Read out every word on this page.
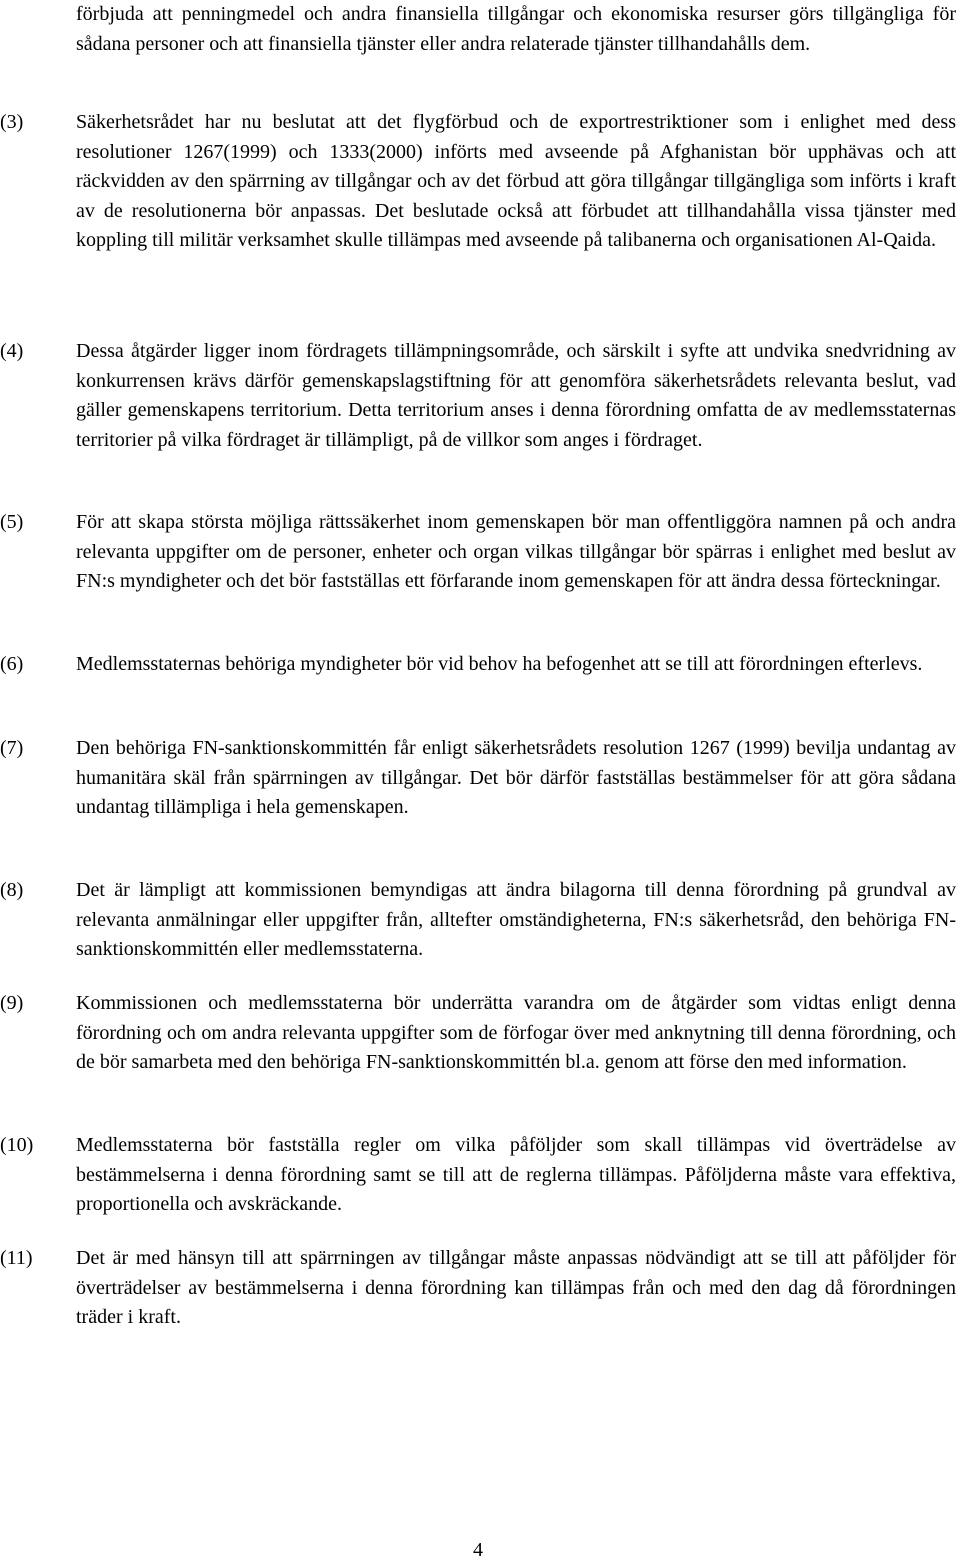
förbjuda att penningmedel och andra finansiella tillgångar och ekonomiska resurser görs tillgängliga för sådana personer och att finansiella tjänster eller andra relaterade tjänster tillhandahålls dem.

(3)	Säkerhetsrådet har nu beslutat att det flygförbud och de exportrestriktioner som i enlighet med dess resolutioner 1267(1999) och 1333(2000) införts med avseende på Afghanistan bör upphävas och att räckvidden av den spärrning av tillgångar och av det förbud att göra tillgångar tillgängliga som införts i kraft av de resolutionerna bör anpassas. Det beslutade också att förbudet att tillhandahålla vissa tjänster med koppling till militär verksamhet skulle tillämpas med avseende på talibanerna och organisationen Al-Qaida.

(4)	Dessa åtgärder ligger inom fördragets tillämpningsområde, och särskilt i syfte att undvika snedvridning av konkurrensen krävs därför gemenskapslagstiftning för att genomföra säkerhetsrådets relevanta beslut, vad gäller gemenskapens territorium. Detta territorium anses i denna förordning omfatta de av medlemsstaternas territorier på vilka fördraget är tillämpligt, på de villkor som anges i fördraget.

(5)	För att skapa största möjliga rättssäkerhet inom gemenskapen bör man offentliggöra namnen på och andra relevanta uppgifter om de personer, enheter och organ vilkas tillgångar bör spärras i enlighet med beslut av FN:s myndigheter och det bör fastställas ett förfarande inom gemenskapen för att ändra dessa förteckningar.

(6)	Medlemsstaternas behöriga myndigheter bör vid behov ha befogenhet att se till att förordningen efterlevs.

(7)	Den behöriga FN-sanktionskommittén får enligt säkerhetsrådets resolution 1267 (1999) bevilja undantag av humanitära skäl från spärrningen av tillgångar. Det bör därför fastställas bestämmelser för att göra sådana undantag tillämpliga i hela gemenskapen.

(8)	Det är lämpligt att kommissionen bemyndigas att ändra bilagorna till denna förordning på grundval av relevanta anmälningar eller uppgifter från, alltefter omständigheterna, FN:s säkerhetsråd, den behöriga FN-sanktionskommittén eller medlemsstaterna.

(9)	Kommissionen och medlemsstaterna bör underrätta varandra om de åtgärder som vidtas enligt denna förordning och om andra relevanta uppgifter som de förfogar över med anknytning till denna förordning, och de bör samarbeta med den behöriga FN-sanktionskommittén bl.a. genom att förse den med information.

(10)	Medlemsstaterna bör fastställa regler om vilka påföljder som skall tillämpas vid överträdelse av bestämmelserna i denna förordning samt se till att de reglerna tillämpas. Påföljderna måste vara effektiva, proportionella och avskräckande.

(11)	Det är med hänsyn till att spärrningen av tillgångar måste anpassas nödvändigt att se till att påföljder för överträdelser av bestämmelserna i denna förordning kan tillämpas från och med den dag då förordningen träder i kraft.

4
